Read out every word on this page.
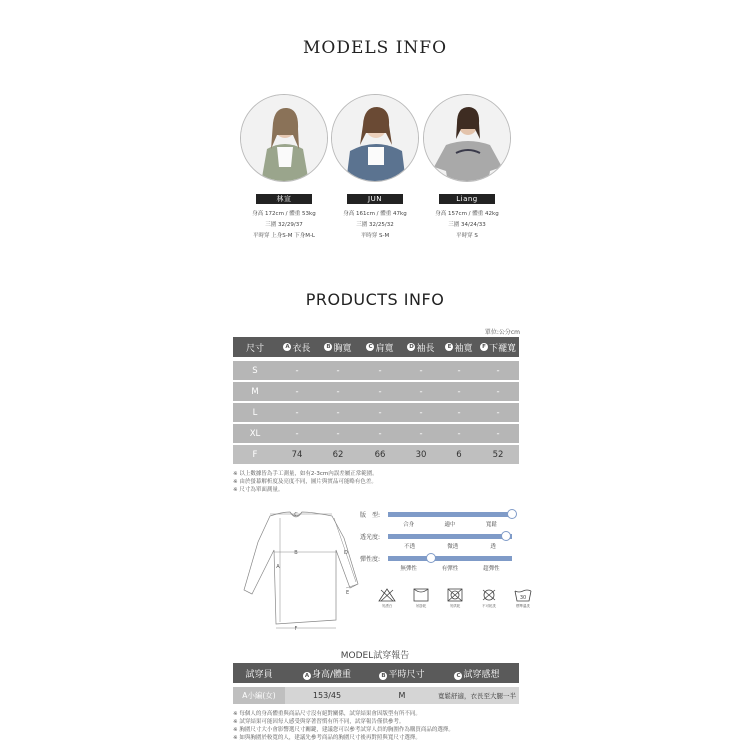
MODELS INFO
林宣
身高 172cm / 體重 53kg
三圍 32/29/37
平時穿 上身S-M 下身M-L
JUN
身高 161cm / 體重 47kg
三圍 32/25/32
平時穿 S-M
Liang
身高 157cm / 體重 42kg
三圍 34/24/33
平時穿 S
PRODUCTS INFO
單位:公分cm
尺寸	A 衣長	B 胸寬	C 肩寬	D 袖長	E 袖寬	F 下襬寬
S	-	-	-	-	-	-
M	-	-	-	-	-	-
L	-	-	-	-	-	-
XL	-	-	-	-	-	-
F	74	62	66	30	6	52
※ 以上數據皆為手工測量，如有2-3cm內誤差屬正常範圍。
※ 由於螢幕解析度及亮度不同，圖片與實品可能略有色差。
※ 尺寸為單面測量。
C
B
A
D
E
F
版　型:
合身	適中	寬鬆
透光度:
不透	微透	透
彈性度:
無彈性	有彈性	超彈性
勿漂白	吊掛乾	勿烘乾	不可乾洗
30
標準溫洗
MODEL試穿報告
試穿員	A 身高/體重	B 平時尺寸	C 試穿感想
A小編(女)	153/45	M	寬鬆舒適，衣長至大腿一半
※ 每個人的身高體重與商品尺寸沒有絕對關係，試穿結果會因版型有所不同。
※ 試穿結果可能因每人感受與穿著習慣有所不同，試穿報告僅供參考。
※ 胸圍尺寸大小會影響選尺寸關鍵，建議您可以參考試穿人員的胸圍作為購買商品的選擇。
※ 如與胸圍於較寬的人，建議先參考商品的胸圍尺寸後再對照與寬尺寸選擇。
